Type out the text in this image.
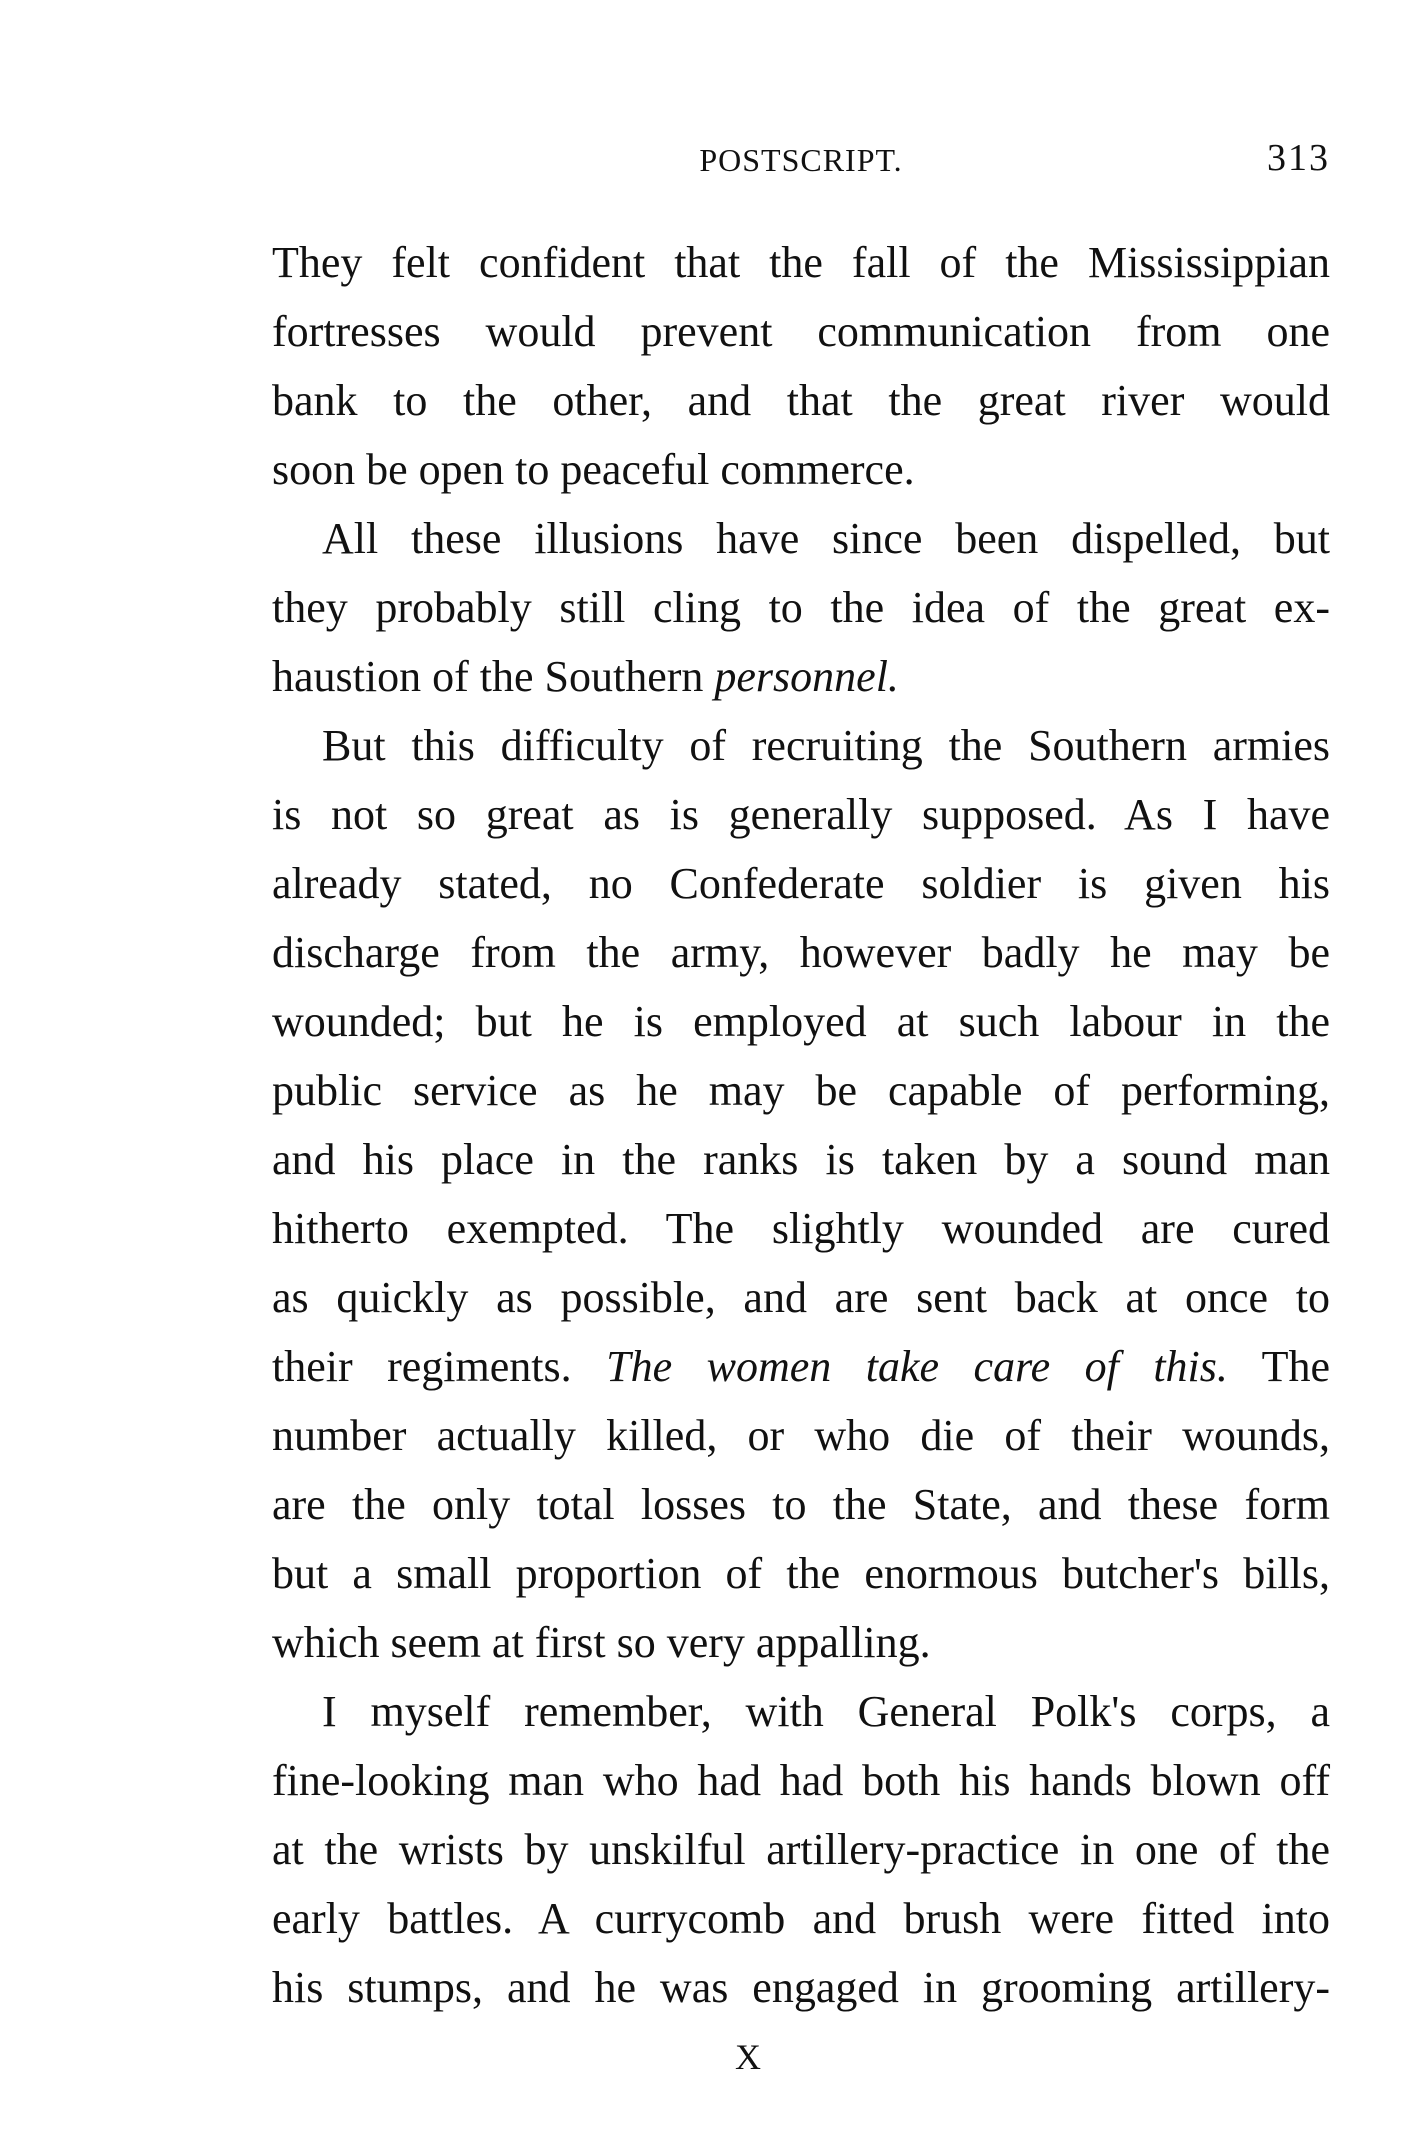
POSTSCRIPT.	313
They felt confident that the fall of the Mississippian
fortresses would prevent communication from one
bank to the other, and that the great river would
soon be open to peaceful commerce.
All these illusions have since been dispelled, but
they probably still cling to the idea of the great ex-
haustion of the Southern personnel.
But this difficulty of recruiting the Southern armies
is not so great as is generally supposed. As I have
already stated, no Confederate soldier is given his
discharge from the army, however badly he may be
wounded; but he is employed at such labour in the
public service as he may be capable of performing,
and his place in the ranks is taken by a sound man
hitherto exempted. The slightly wounded are cured
as quickly as possible, and are sent back at once to
their regiments. The women take care of this. The
number actually killed, or who die of their wounds,
are the only total losses to the State, and these form
but a small proportion of the enormous butcher's bills,
which seem at first so very appalling.
I myself remember, with General Polk's corps, a
fine-looking man who had had both his hands blown off
at the wrists by unskilful artillery-practice in one of the
early battles. A currycomb and brush were fitted into
his stumps, and he was engaged in grooming artillery-
X
